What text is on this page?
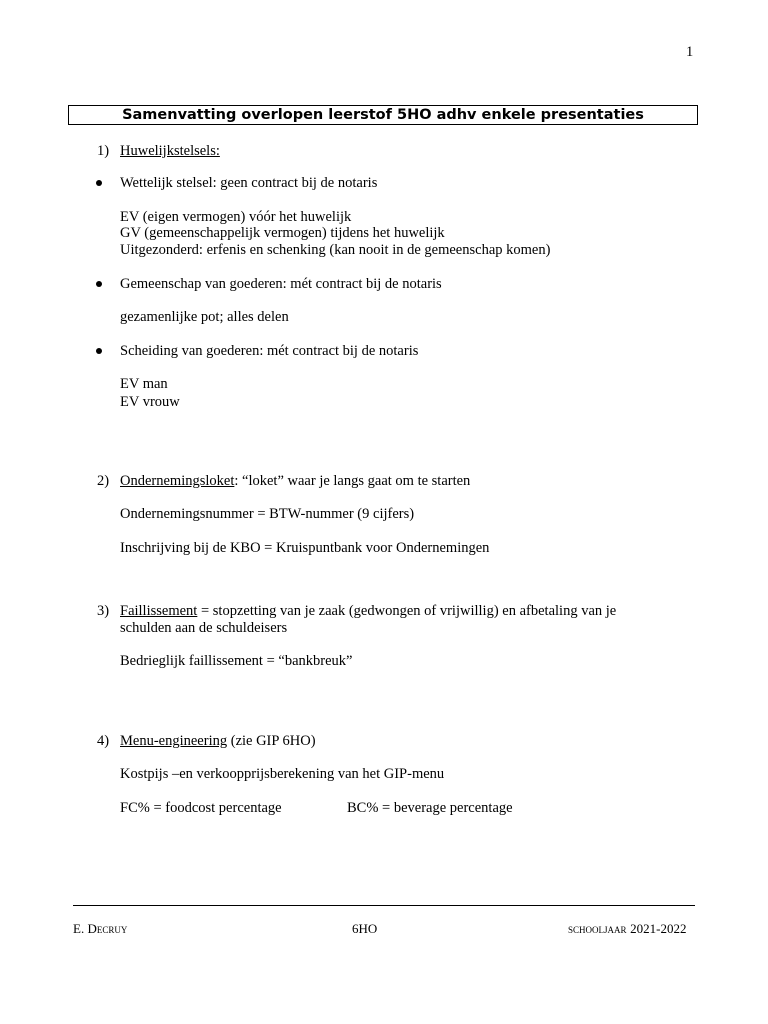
1
Samenvatting overlopen leerstof 5HO adhv enkele presentaties
1) Huwelijkstelsels:
Wettelijk stelsel: geen contract bij de notaris
EV (eigen vermogen) vóór het huwelijk
GV (gemeenschappelijk vermogen) tijdens het huwelijk
Uitgezonderd: erfenis en schenking (kan nooit in de gemeenschap komen)
Gemeenschap van goederen: mét contract bij de notaris
gezamenlijke pot; alles delen
Scheiding van goederen: mét contract bij de notaris
EV man
EV vrouw
2) Ondernemingsloket: “loket” waar je langs gaat om te starten
Ondernemingsnummer = BTW-nummer (9 cijfers)
Inschrijving bij de KBO = Kruispuntbank voor Ondernemingen
3) Faillissement = stopzetting van je zaak (gedwongen of vrijwillig) en afbetaling van je
schulden aan de schuldeisers
Bedrieglijk faillissement = “bankbreuk”
4) Menu-engineering (zie GIP 6HO)
Kostpijs –en verkoopprijsberekening van het GIP-menu
FC% = foodcost percentage	BC% = beverage percentage
E. Decruy	6HO	schooljaar 2021-2022
